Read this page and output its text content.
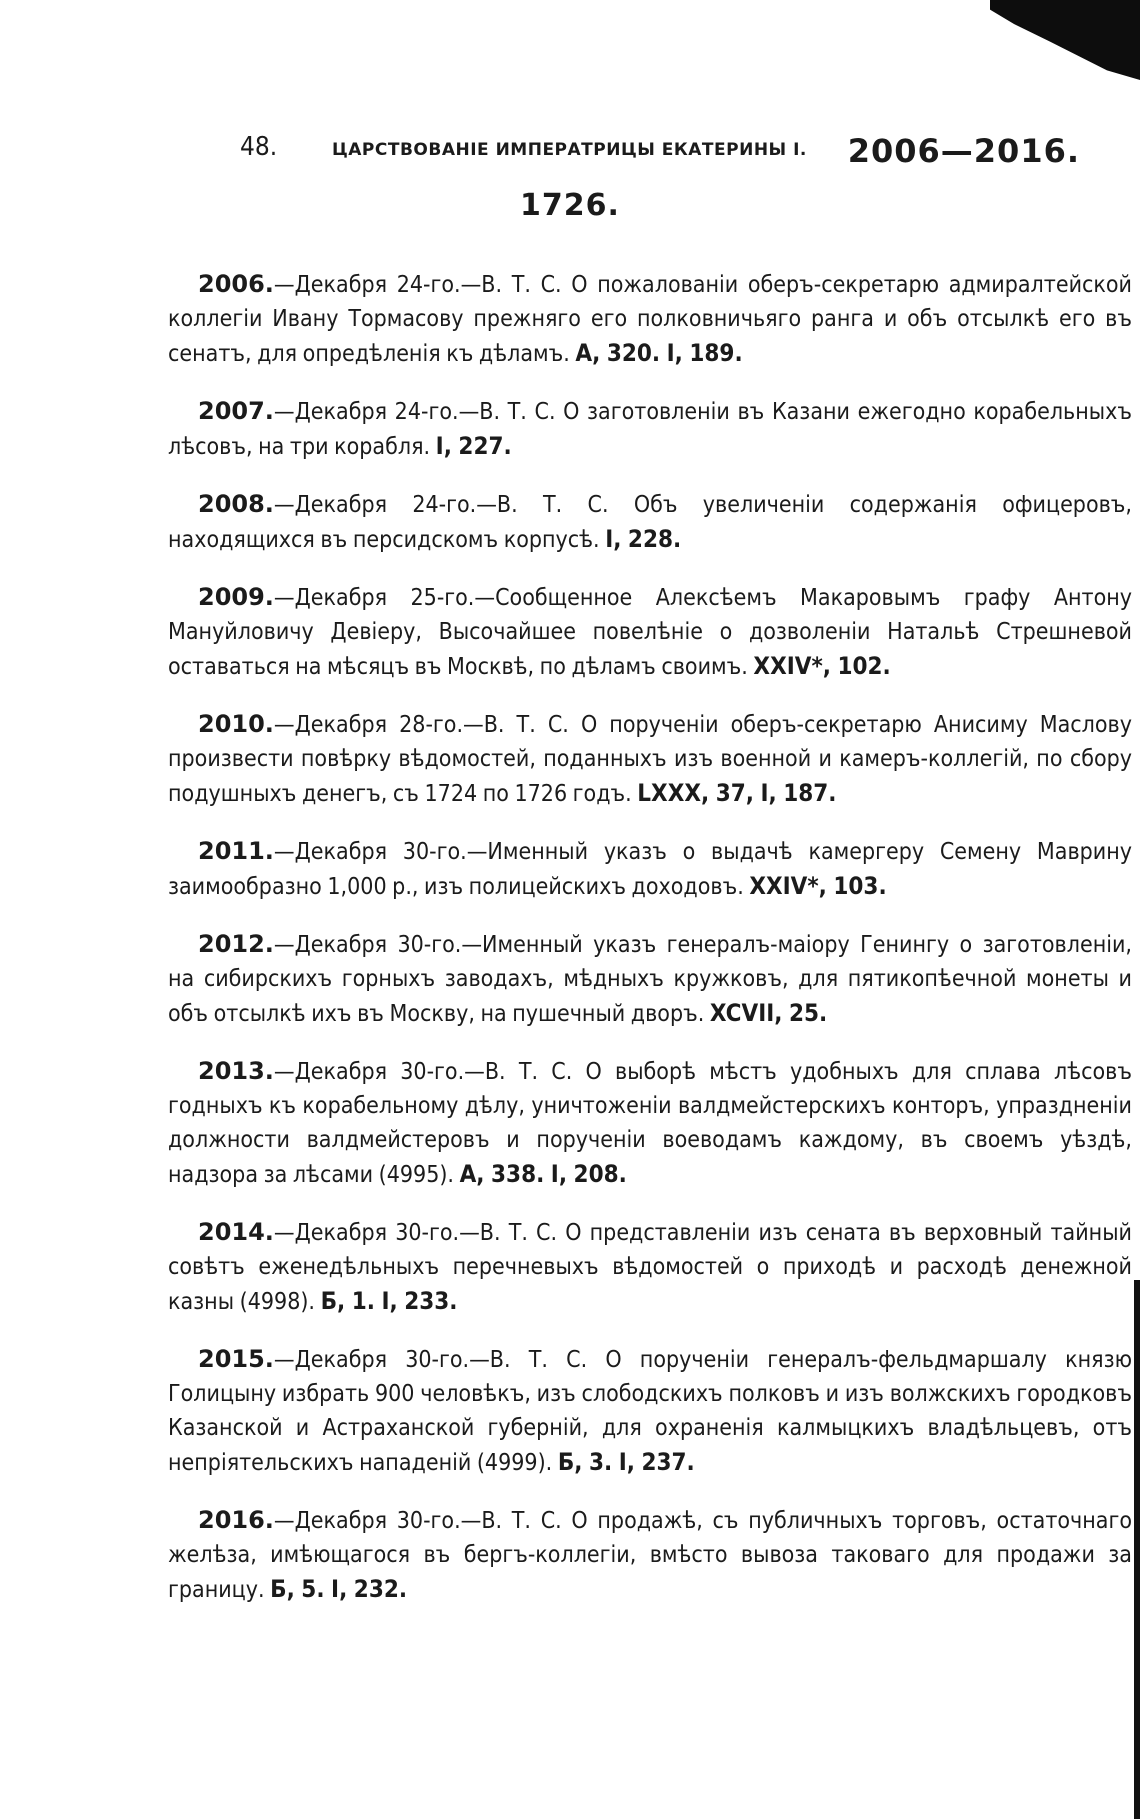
48.	ЦАРСТВОВАНІЕ ИМПЕРАТРИЦЫ ЕКАТЕРИНЫ I. 2006—2016.
1726.

2006.—Декабря 24-го.—В. Т. С. О пожалованіи оберъ-секретарю адмиралтейской коллегіи Ивану Тормасову прежняго его полковничьяго ранга и объ отсылкѣ его въ сенатъ, для опредѣленія къ дѣламъ. А, 320. I, 189.

2007.—Декабря 24-го.—В. Т. С. О заготовленіи въ Казани ежегодно корабельныхъ лѣсовъ, на три корабля. I, 227.

2008.—Декабря 24-го.—В. Т. С. Объ увеличеніи содержанія офицеровъ, находящихся въ персидскомъ корпусѣ. I, 228.

2009.—Декабря 25-го.—Сообщенное Алексѣемъ Макаровымъ графу Антону Мануйловичу Девіеру, Высочайшее повелѣніе о дозволеніи Натальѣ Стрешневой оставаться на мѣсяцъ въ Москвѣ, по дѣламъ своимъ. XXIV*, 102.

2010.—Декабря 28-го.—В. Т. С. О порученіи оберъ-секретарю Анисиму Маслову произвести повѣрку вѣдомостей, поданныхъ изъ военной и камеръ-коллегій, по сбору подушныхъ денегъ, съ 1724 по 1726 годъ. LXXX, 37, I, 187.

2011.—Декабря 30-го.—Именный указъ о выдачѣ камергеру Семену Маврину заимообразно 1,000 р., изъ полицейскихъ доходовъ. XXIV*, 103.

2012.—Декабря 30-го.—Именный указъ генералъ-маіору Генингу о заготовленіи, на сибирскихъ горныхъ заводахъ, мѣдныхъ кружковъ, для пятикопѣечной монеты и объ отсылкѣ ихъ въ Москву, на пушечный дворъ. XCVII, 25.

2013.—Декабря 30-го.—В. Т. С. О выборѣ мѣстъ удобныхъ для сплава лѣсовъ годныхъ къ корабельному дѣлу, уничтоженіи валдмейстерскихъ конторъ, упраздненіи должности валдмейстеровъ и порученіи воеводамъ каждому, въ своемъ уѣздѣ, надзора за лѣсами (4995). А, 338. I, 208.

2014.—Декабря 30-го.—В. Т. С. О представленіи изъ сената въ верховный тайный совѣтъ еженедѣльныхъ перечневыхъ вѣдомостей о приходѣ и расходѣ денежной казны (4998). Б, 1. I, 233.

2015.—Декабря 30-го.—В. Т. С. О порученіи генералъ-фельдмаршалу князю Голицыну избрать 900 человѣкъ, изъ слободскихъ полковъ и изъ волжскихъ городковъ Казанской и Астраханской губерній, для охраненія калмыцкихъ владѣльцевъ, отъ непріятельскихъ нападеній (4999). Б, 3. I, 237.

2016.—Декабря 30-го.—В. Т. С. О продажѣ, съ публичныхъ торговъ, остаточнаго желѣза, имѣющагося въ бергъ-коллегіи, вмѣсто вывоза таковаго для продажи за границу. Б, 5. I, 232.
